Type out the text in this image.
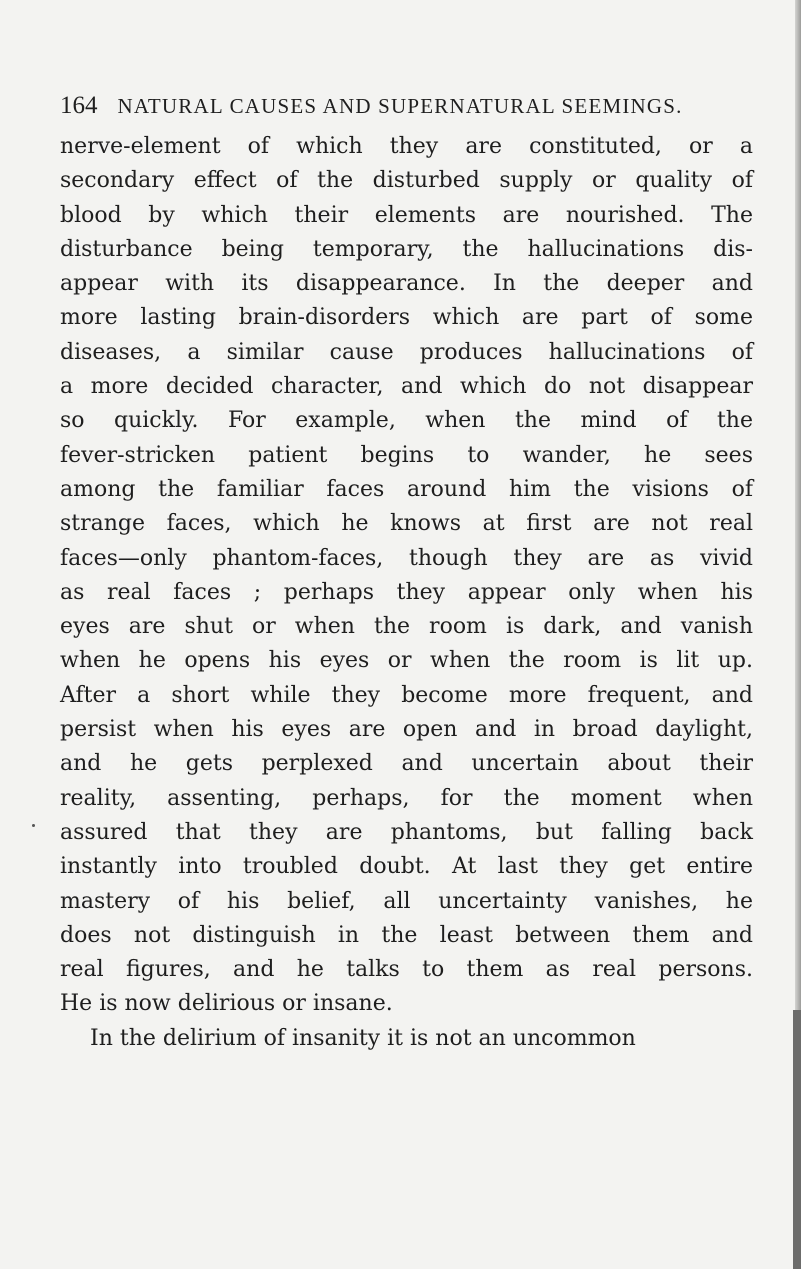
164 NATURAL CAUSES AND SUPERNATURAL SEEMINGS.
nerve-element of which they are constituted, or a
secondary effect of the disturbed supply or quality of
blood by which their elements are nourished. The
disturbance being temporary, the hallucinations dis-
appear with its disappearance. In the deeper and
more lasting brain-disorders which are part of some
diseases, a similar cause produces hallucinations of
a more decided character, and which do not disappear
so quickly. For example, when the mind of the
fever-stricken patient begins to wander, he sees
among the familiar faces around him the visions of
strange faces, which he knows at first are not real
faces—only phantom-faces, though they are as vivid
as real faces ; perhaps they appear only when his
eyes are shut or when the room is dark, and vanish
when he opens his eyes or when the room is lit up.
After a short while they become more frequent, and
persist when his eyes are open and in broad daylight,
and he gets perplexed and uncertain about their
reality, assenting, perhaps, for the moment when
assured that they are phantoms, but falling back
instantly into troubled doubt. At last they get entire
mastery of his belief, all uncertainty vanishes, he
does not distinguish in the least between them and
real figures, and he talks to them as real persons.
He is now delirious or insane.
In the delirium of insanity it is not an uncommon
